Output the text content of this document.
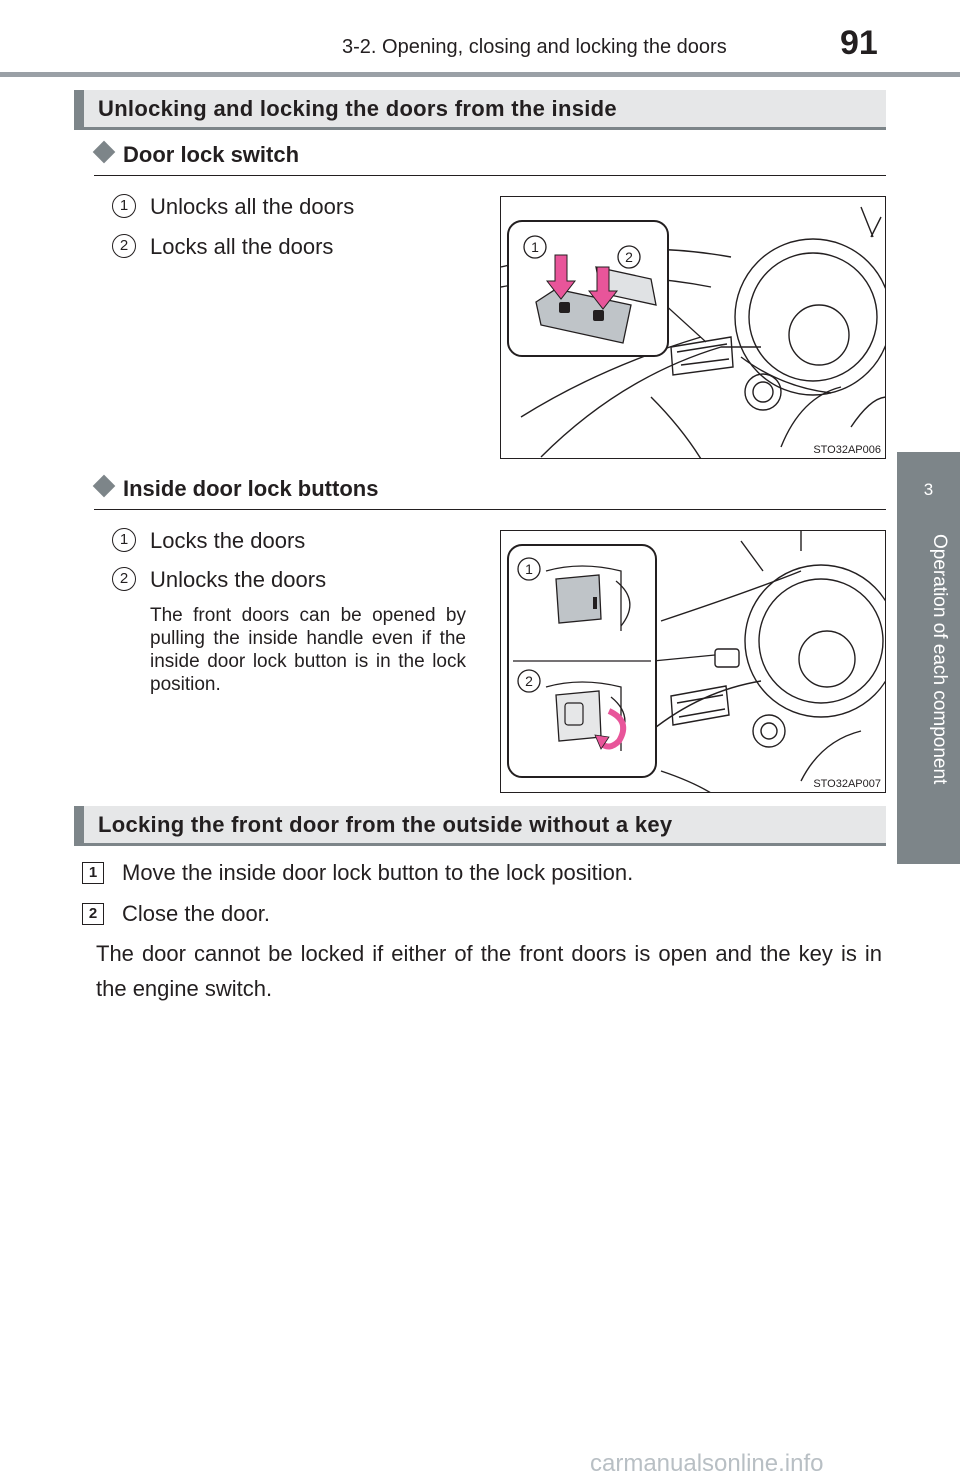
3-2. Opening, closing and locking the doors	91
3
Operation of each component
Unlocking and locking the doors from the inside
Door lock switch
1 Unlocks all the doors
2 Locks all the doors	1
2
STO32AP006
Inside door lock buttons
1 Locks the doors
2 Unlocks the doors
The front doors can be opened by pulling the inside handle even if the inside door lock button is in the lock position.
1
2
STO32AP007
Locking the front door from the outside without a key
1	Move the inside door lock button to the lock position.
2	Close the door.
The door cannot be locked if either of the front doors is open and the key is in the engine switch.
carmanualsonline.info
